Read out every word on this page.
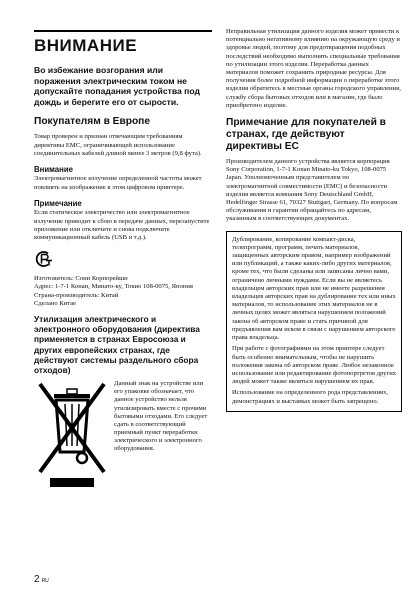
ВНИМАНИЕ

Во избежание возгорания или поражения электрическим током не допускайте попадания устройства под дождь и берегите его от сырости.

Покупателям в Европе

Товар проверен и признан отвечающим требованиям директивы EMC, ограничивающей использование соединительных кабелей длиной менее 3 метров (9,8 фута).

Внимание

Электромагнитное излучение определенной частоты может повлиять на изображение в этом цифровом принтере.

Примечание

Если статическое электричество или электромагнитное излучение приводит к сбою в передаче данных, перезапустите приложение или отключите и снова подключите коммуникационный кабель (USB и т.д.).

Изготовитель: Сони Корпорейшн
Адрес: 1-7-1 Конан, Минато-ку, Токио 108-0075, Япония
Страна-производитель: Китай
Сделано Китае
Утилизация электрического и электронного оборудования (директива применяется в странах Евросоюза и других европейских странах, где действуют системы раздельного сбора отходов)
Данный знак на устройстве или его упаковке обозначает, что данное устройство нельзя утилизировать вместе с прочими бытовыми отходами. Его следует сдать в соответствующий приемный пункт переработки электрического и электронного оборудования.

Неправильная утилизация данного изделия может привести к потенциально негативному влиянию на окружающую среду и здоровье людей, поэтому для предотвращения подобных последствий необходимо выполнять специальные требования по утилизации этого изделия. Переработка данных материалов поможет сохранить природные ресурсы. Для получения более подробной информации о переработке этого изделия обратитесь в местные органы городского управления, службу сбора бытовых отходов или в магазин, где было приобретено изделие.

Примечание для покупателей в странах, где действуют директивы ЕС

Производителем данного устройства является корпорация Sony Corporation, 1-7-1 Konan Minato-ku Tokyo, 108-0075 Japan. Уполномоченным представителем по электромагнитной совместимости (EMC) и безопасности изделия является компания Sony Deutschland GmbH, Hedelfinger Strasse 61, 70327 Stuttgart, Germany. По вопросам обслуживания и гарантии обращайтесь по адресам, указанным в соответствующих документах.

Дублирование, копирование компакт-диска, телепрограмм, программ, печать материалов, защищенных авторским правом, например изображений или публикаций, а также каких-либо других материалов, кроме тех, что были сделаны или записаны лично вами, ограничено личными нуждами. Если вы не являетесь владельцем авторских прав или не имеете разрешения владельцев авторских прав на дублирование тех или иных материалов, то использование этих материалов не в личных целях может являться нарушением положений закона об авторском праве и стать причиной для предъявления вам иском в связи с нарушением авторского права владельца.

При работе с фотографиями на этом принтере следует быть особенно внимательным, чтобы не нарушить положения закона об авторском праве. Любое незаконное использование или редактирование фотопортретов других людей может также являться нарушением их прав.

Использование на определенного рода представлениях, демонстрациях и выставках может быть запрещено.

2 RU
